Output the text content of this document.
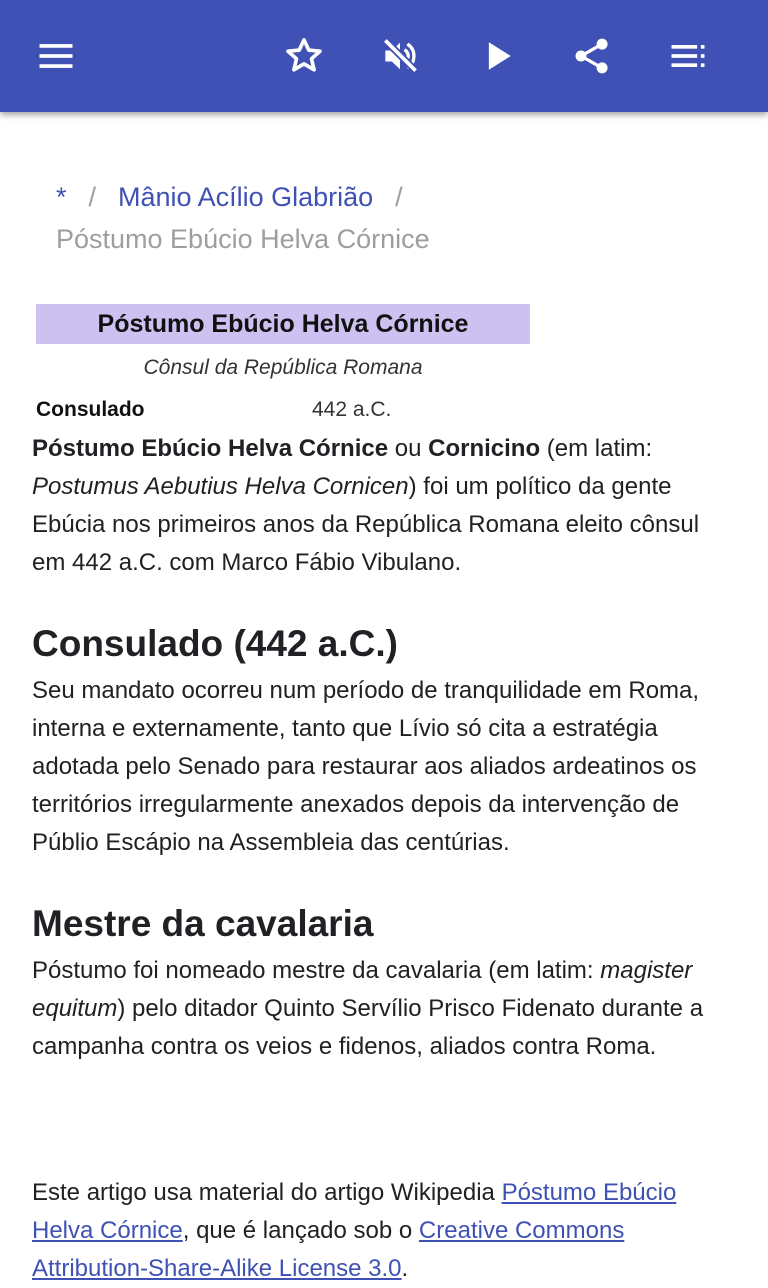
* / Mânio Acílio Glabrião /
Póstumo Ebúcio Helva Córnice
Póstumo Ebúcio Helva Córnice
Cônsul da República Romana
Consulado	442 a.C.

Póstumo Ebúcio Helva Córnice ou Cornicino (em latim: Postumus Aebutius Helva Cornicen) foi um político da gente Ebúcia nos primeiros anos da República Romana eleito cônsul em 442 a.C. com Marco Fábio Vibulano.

Consulado (442 a.C.)

Seu mandato ocorreu num período de tranquilidade em Roma, interna e externamente, tanto que Lívio só cita a estratégia adotada pelo Senado para restaurar aos aliados ardeatinos os territórios irregularmente anexados depois da intervenção de Públio Escápio na Assembleia das centúrias.

Mestre da cavalaria

Póstumo foi nomeado mestre da cavalaria (em latim: magister equitum) pelo ditador Quinto Servílio Prisco Fidenato durante a campanha contra os veios e fidenos, aliados contra Roma.

Este artigo usa material do artigo Wikipedia Póstumo Ebúcio Helva Córnice, que é lançado sob o Creative Commons Attribution-Share-Alike License 3.0.
